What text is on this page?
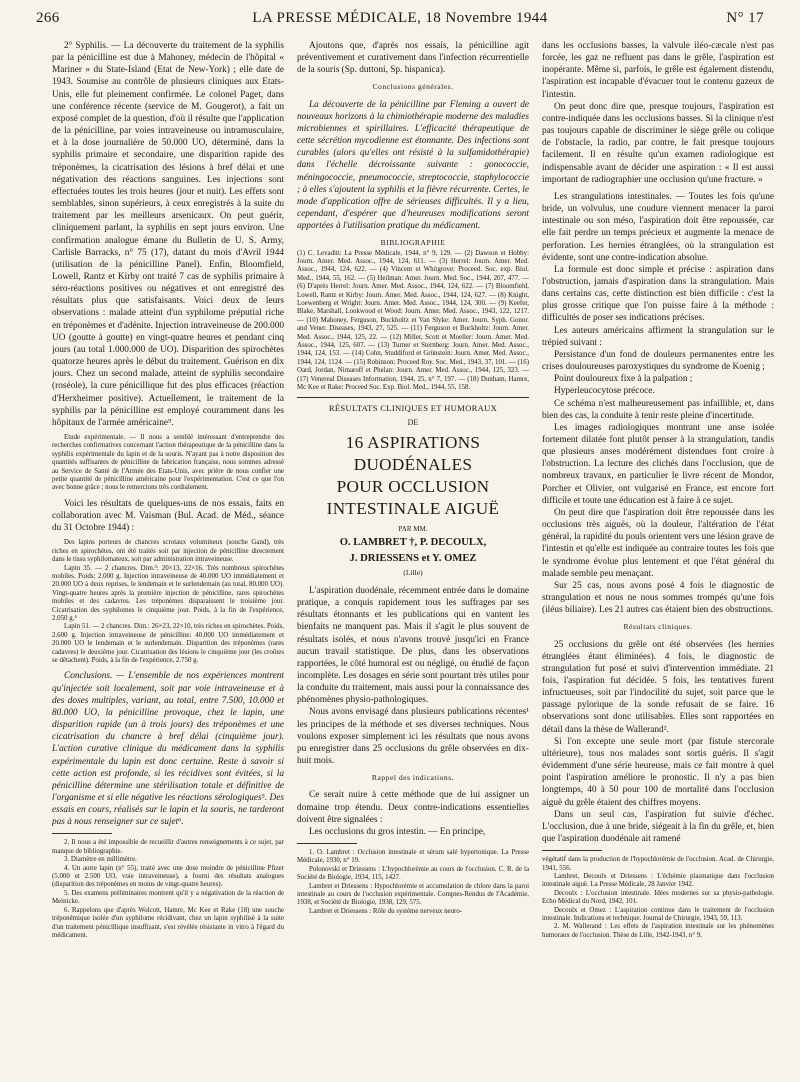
266	LA PRESSE MÉDICALE, 18 Novembre 1944	N° 17

2° Syphilis. — La découverte du traitement de la syphilis par la pénicilline est due à Mahoney, médecin de l'hôpital « Mariner » du State-Island (Etat de New-York) ; elle date de 1943. Soumise au contrôle de plusieurs cliniques aux Etats-Unis, elle fut pleinement confirmée. Le colonel Paget, dans une conférence récente (service de M. Gougerot), a fait un exposé complet de la question, d'où il résulte que l'application de la pénicilline, par voies intraveineuse ou intramusculaire, et à la dose journalière de 50.000 UO, déterminé, dans la syphilis primaire et secondaire, une disparition rapide des tréponèmes, la cicatrisation des lésions à bref délai et une négativation des réactions sanguines. Les injections sont effectuées toutes les trois heures (jour et nuit). Les effets sont semblables, sinon supérieurs, à ceux enregistrés à la suite du traitement par les meilleurs arsenicaux. On peut guérir, cliniquement parlant, la syphilis en sept jours environ. Une confirmation analogue émane du Bulletin de U. S. Army, Carlisle Barracks, n° 75 (17), datant du mois d'Avril 1944 (utilisation de la pénicilline Panel). Enfin, Bloomfield, Lowell, Rantz et Kirby ont traité 7 cas de syphilis primaire à séro-réactions positives ou négatives et ont enregistré des résultats plus que satisfaisants. Voici deux de leurs observations : malade atteint d'un syphilome préputial riche en tréponèmes et d'adénite. Injection intraveineuse de 200.000 UO (goutte à goutte) en vingt-quatre heures et pendant cinq jours (au total 1.000.000 de UO). Disparition des spirochètes quatorze heures après le début du traitement. Guérison en dix jours. Chez un second malade, atteint de syphilis secondaire (roséole), la cure pénicillique fut des plus efficaces (réaction d'Herxheimer positive). Actuellement, le traitement de la syphilis par la pénicilline est employé couramment dans les hôpitaux de l'armée américaine⁹.

Etude expérimentale. — Il nous a semblé intéressant d'entreprendre des recherches confirmatives concernant l'action thérapeutique de la pénicilline dans la syphilis expérimentale du lapin et de la souris. N'ayant pas à notre disposition des quantités suffisantes de pénicilline de fabrication française, nous sommes adressé au Service de Santé de l'Armée des Etats-Unis, avec prière de nous confier une petite quantité de pénicilline américaine pour l'expérimentation. C'est ce que l'on avec bonne grâce ; nous le remercions très cordialement.

Voici les résultats de quelques-uns de nos essais, faits en collaboration avec M. Vaisman (Bul. Acad. de Méd., séance du 31 Octobre 1944) :

Des lapins porteurs de chancres scrotaux volumineux (souche Gand), très riches en spirochètes, ont été traités soit par injection de pénicilline directement dans le tissu syphilomateux, soit par administration intraveineuse.

Lapin 35. — 2 chancres. Dim.³: 20×13, 22×16. Très nombreux spirochètes mobiles. Poids: 2.000 g. Injection intraveineuse de 40.000 UO immédiatement et 20.000 UO à deux reprises, le lendemain et le surlendemain (au total, 80.000 UO). Vingt-quatre heures après la première injection de pénicilline, rares spirochètes mobiles et des cadavres. Les tréponèmes disparaissent le troisième jour. Cicatrisation des syphilomes le cinquième jour. Poids, à la fin de l'expérience, 2.050 g.⁴

Lapin 51. — 2 chancres. Dim.: 26×23, 22×10, très riches en spirochètes. Poids, 2.600 g. Injection intraveineuse de pénicilline: 40.000 UO immédiatement et 20.000 UO le lendemain et le surlendemain. Disparition des tréponèmes (rares cadavres) le deuxième jour. Cicatrisation des lésions le cinquième jour (les croûtes se détachent). Poids, à la fin de l'expérience, 2.750 g.

Conclusions. — L'ensemble de nos expériences montrent qu'injectée soit localement, soit par voie intraveineuse et à des doses multiples, variant, au total, entre 7.500, 10.000 et 80.000 UO, la pénicilline provoque, chez le lapin, une disparition rapide (un à trois jours) des tréponèmes et une cicatrisation du chancre à bref délai (cinquième jour). L'action curative clinique du médicament dans la syphilis expérimentale du lapin est donc certaine. Reste à savoir si cette action est profonde, si les récidives sont évitées, si la pénicilline détermine une stérilisation totale et définitive de l'organisme et si elle négative les réactions sérologiques⁵. Des essais en cours, réalisés sur le lapin et la souris, ne tarderont pas à nous renseigner sur ce sujet⁶.

2. Il nous a été impossible de recueillir d'autres renseignements à ce sujet, par manque de bibliographie.

3. Diamètre en millimètre.

4. Un autre lapin (n° 55), traité avec une dose moindre de pénicilline Pfizer (5.000 et 2.500 UO, voie intraveineuse), a fourni des résultats analogues (disparition des tréponèmes en moins de vingt-quatre heures).

5. Des examens préliminaires montrent qu'il y a négativation de la réaction de Meinicke.

6. Rappelons que d'après Wolcott, Hamre, Mc Kee et Rake (18) une souche tréponémique isolée d'un syphilome récidivant, chez un lapin syphilisé à la suite d'un traitement pénicillique insuffisant, s'est révélée résistante in vitro à l'égard du médicament.

Ajoutons que, d'après nos essais, la pénicilline agit préventivement et curativement dans l'infection récurrentielle de la souris (Sp. duttoni, Sp. hispanica).

Conclusions générales.

La découverte de la pénicilline par Fleming a ouvert de nouveaux horizons à la chimiothérapie moderne des maladies microbiennes et spirillaires. L'efficacité thérapeutique de cette sécrétion mycodienne est étonnante. Des infections sont curables (alors qu'elles ont résisté à la sulfamidothérapie) dans l'échelle décroissante suivante : gonococcie, méningococcie, pneumococcie, streptococcie, staphylococcie ; à elles s'ajoutent la syphilis et la fièvre récurrente. Certes, le mode d'application offre de sérieuses difficultés. Il y a lieu, cependant, d'espérer que d'heureuses modifications seront apportées à l'utilisation pratique du médicament.

BIBLIOGRAPHIE

(1) C. Levaditi: La Presse Médicale, 1944, n° 9, 129. — (2) Dawson et Hobby: Journ. Amer. Med. Assoc., 1944, 124, 611. — (3) Herrel: Journ. Amer. Med. Assoc., 1944, 124, 622. — (4) Vincent et Whitgrove: Proceed. Soc. exp. Biol. Med., 1944, 55, 162. — (5) Heilman: Amer. Journ. Med. Soc., 1944, 207, 477. — (6) D'après Herrel: Journ. Amer. Med. Assoc., 1944, 124, 622. — (7) Bloomfield, Lowell, Rantz et Kirby: Journ. Amer. Med. Assoc., 1944, 124, 627. — (8) Knight, Loewenberg et Wright: Journ. Amer. Med. Assoc., 1944, 124, 300. — (9) Keefer, Blake, Marshall, Lookwood et Wood: Journ. Amer. Med. Assoc., 1943, 122, 1217. — (10) Mahoney, Ferguson, Buckholtz et Van Slyke: Amer. Journ. Syph. Gonor. and Vener. Diseases, 1943, 27, 525. — (11) Ferguson et Buckholtz: Journ. Amer. Med. Assoc., 1944, 125, 22. — (12) Miller, Scott et Moeller: Journ. Amer. Med. Assoc., 1944, 125, 607. — (13) Turner et Sternberg: Journ. Amer. Med. Assoc., 1944, 124, 153. — (14) Cohn, Studdiford et Grünstein: Journ. Amer. Med. Assoc., 1944, 124, 1124. — (15) Robinson: Proceed Roy. Soc. Med., 1943, 37, 101. — (16) Oard, Jordan, Nimaroff et Phelan: Journ. Amer. Med. Assoc., 1944, 125, 323. — (17) Venereal Diseases Information, 1944, 25, n° 7, 197. — (18) Dunham, Hamre, Mc Kee et Rake: Proceed Soc. Exp. Biol. Med., 1944, 55, 158.

RÉSULTATS CLINIQUES ET HUMORAUX
DE
16 ASPIRATIONS DUODÉNALES
POUR OCCLUSION
INTESTINALE AIGUË
PAR MM.
O. LAMBRET †, P. DECOULX,
J. DRIESSENS et Y. OMEZ
(Lille)

L'aspiration duodénale, récemment entrée dans le domaine pratique, a conquis rapidement tous les suffrages par ses résultats étonnants et les publications qui en vantent les bienfaits ne manquent pas. Mais il s'agit le plus souvent de résultats isolés, et nous n'avons trouvé jusqu'ici en France aucun travail statistique. De plus, dans les observations rapportées, le côté humoral est ou négligé, ou étudié de façon incomplète. Les dosages en série sont pourtant très utiles pour la conduite du traitement, mais aussi pour la connaissance des phénomènes physio-pathologiques.

Nous avons envisagé dans plusieurs publications récentes¹ les principes de la méthode et ses diverses techniques. Nous voulons exposer simplement ici les résultats que nous avons pu enregistrer dans 25 occlusions du grêle observées en dix-huit mois.

Rappel des indications.

Ce serait nuire à cette méthode que de lui assigner un domaine trop étendu. Deux contre-indications essentielles doivent être signalées :

Les occlusions du gros intestin. — En principe,

1. O. Lambret : Occlusion intestinale et sérum salé hypertonique. La Presse Médicale, 1930, n° 19.

Polonovski et Driessens : L'hypochlorémie au cours de l'occlusion. C. R. de la Société de Biologie, 1934, 115, 1427.

Lambret et Driessens : Hypochlorémie et accumulation de chlore dans la paroi intestinale au cours de l'occlusion expérimentale. Comptes-Rendus de l'Académie, 1938, et Société de Biologie, 1938, 129, 575.

Lambret et Driessens : Rôle du système nerveux neuro-

dans les occlusions basses, la valvule iléo-cæcale n'est pas forcée, les gaz ne refluent pas dans le grêle, l'aspiration est inopérante. Même si, parfois, le grêle est également distendu, l'aspiration est incapable d'évacuer tout le contenu gazeux de l'intestin.

On peut donc dire que, presque toujours, l'aspiration est contre-indiquée dans les occlusions basses. Si la clinique n'est pas toujours capable de discriminer le siège grêle ou colique de l'obstacle, la radio, par contre, le fait presque toujours facilement. Il en résulte qu'un examen radiologique est indispensable avant de décider une aspiration : « Il est aussi important de radiographier une occlusion qu'une fracture. »

Les strangulations intestinales. — Toutes les fois qu'une bride, un volvulus, une coudure viennent menacer la paroi intestinale ou son méso, l'aspiration doit être repoussée, car elle fait perdre un temps précieux et augmente la menace de perforation. Les hernies étranglées, où la strangulation est évidente, sont une contre-indication absolue.

La formule est donc simple et précise : aspiration dans l'obstruction, jamais d'aspiration dans la strangulation. Mais dans certains cas, cette distinction est bien difficile : c'est la plus grosse critique que l'on puisse faire à la méthode : difficultés de poser ses indications précises.

Les auteurs américains affirment la strangulation sur le trépied suivant :

Persistance d'un fond de douleurs permanentes entre les crises douloureuses paroxystiques du syndrome de Koenig ;

Point douloureux fixe à la palpation ;

Hyperleucocytose précoce.

Ce schéma n'est malheureusement pas infaillible, et, dans bien des cas, la conduite à tenir reste pleine d'incertitude.

Les images radiologiques montrant une anse isolée fortement dilatée font plutôt penser à la strangulation, tandis que plusieurs anses modérément distendues font croire à l'obstruction. La lecture des clichés dans l'occlusion, que de nombreux travaux, en particulier le livre récent de Mondor, Porcher et Olivier, ont vulgarisé en France, est encore fort difficile et toute une éducation est à faire à ce sujet.

On peut dire que l'aspiration doit être repoussée dans les occlusions très aiguës, où la douleur, l'altération de l'état général, la rapidité du pouls orientent vers une lésion grave de l'intestin et qu'elle est indiquée au contraire toutes les fois que le syndrome évolue plus lentement et que l'état général du malade semble peu menaçant.

Sur 25 cas, nous avons posé 4 fois le diagnostic de strangulation et nous ne nous sommes trompés qu'une fois (iléus biliaire). Les 21 autres cas étaient bien des obstructions.

Résultats cliniques.

25 occlusions du grêle ont été observées (les hernies étranglées étant éliminées). 4 fois, le diagnostic de strangulation fut posé et suivi d'intervention immédiate. 21 fois, l'aspiration fut décidée. 5 fois, les tentatives furent infructueuses, soit par l'indocilité du sujet, soit parce que le passage pylorique de la sonde refusait de se faire. 16 observations sont donc utilisables. Elles sont rapportées en détail dans la thèse de Wallerand².

Si l'on excepte une seule mort (par fistule stercorale ultérieure), tous nos malades sont sortis guéris. Il s'agit évidemment d'une série heureuse, mais ce fait montre à quel point l'aspiration améliore le pronostic. Il n'y a pas bien longtemps, 40 à 50 pour 100 de mortalité dans l'occlusion aiguë du grêle étaient des chiffres moyens.

Dans un seul cas, l'aspiration fut suivie d'échec. L'occlusion, due à une bride, siégeait à la fin du grêle, et, bien que l'aspiration duodénale ait ramené

végétatif dans la production de l'hypochlorémie de l'occlusion. Acad. de Chirurgie, 1941, 556.

Lambret, Decoulx et Driessens : L'échémie plasmatique dans l'occlusion intestinale aiguë. La Presse Médicale, 28 Janvier 1942.

Decoulx : L'occlusion intestinale. Idées modernes sur sa physio-pathologie. Echo Médical du Nord, 1942, 101.

Decoulx et Omez : L'aspiration continue dans le traitement de l'occlusion intestinale. Indications et technique. Journal de Chirurgie, 1943, 59, 113.

2. M. Wallerand : Les effets de l'aspiration intestinale sur les phénomènes humoraux de l'occlusion. Thèse de Lille, 1942-1943, n° 9.
